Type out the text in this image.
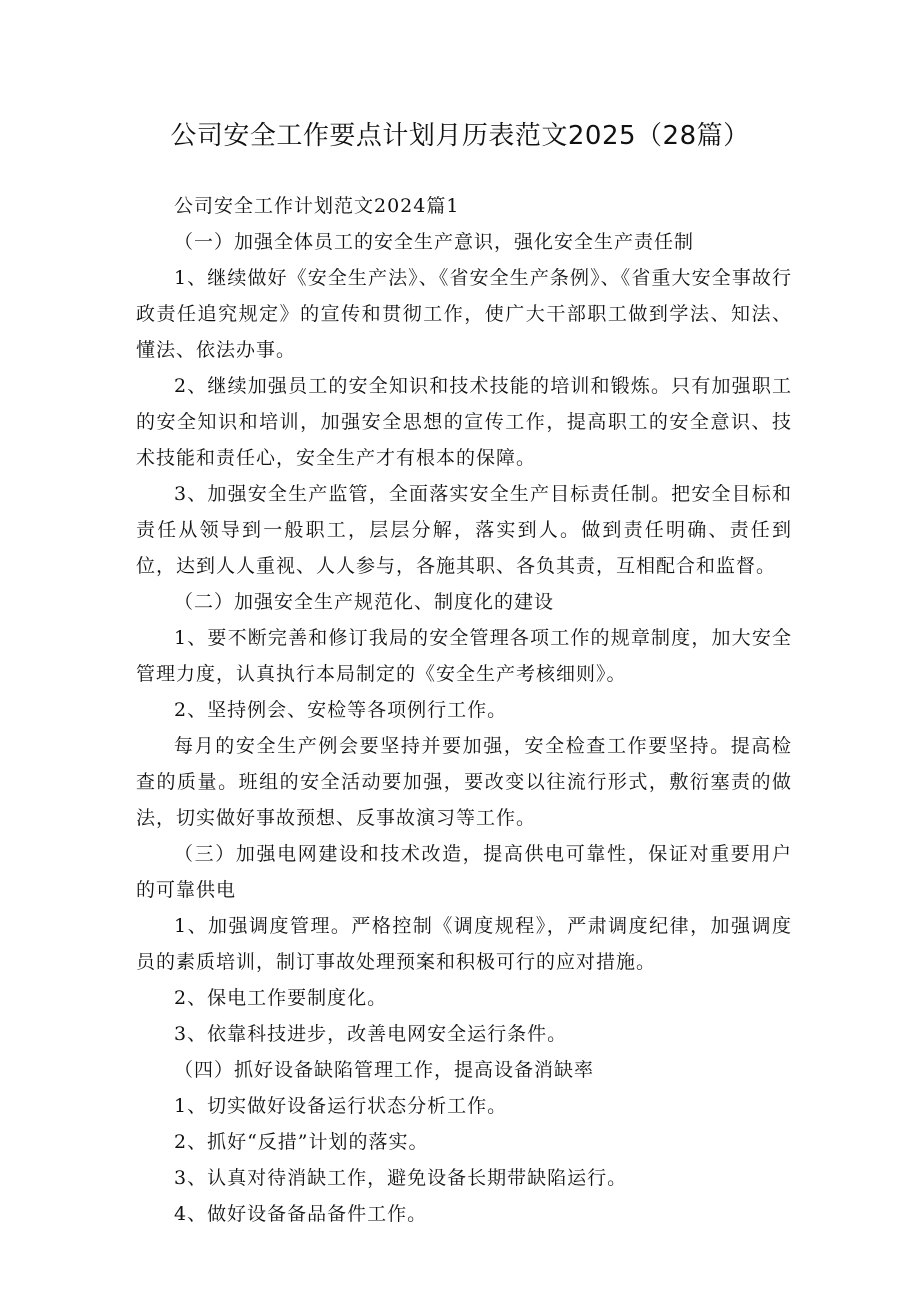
公司安全工作要点计划月历表范文2025（28篇）

公司安全工作计划范文2024篇1

（一）加强全体员工的安全生产意识，强化安全生产责任制

1、继续做好《安全生产法》、《省安全生产条例》、《省重大安全事故行政责任追究规定》的宣传和贯彻工作，使广大干部职工做到学法、知法、懂法、依法办事。

2、继续加强员工的安全知识和技术技能的培训和锻炼。只有加强职工的安全知识和培训，加强安全思想的宣传工作，提高职工的安全意识、技术技能和责任心，安全生产才有根本的保障。

3、加强安全生产监管，全面落实安全生产目标责任制。把安全目标和责任从领导到一般职工，层层分解，落实到人。做到责任明确、责任到位，达到人人重视、人人参与，各施其职、各负其责，互相配合和监督。

（二）加强安全生产规范化、制度化的建设

1、要不断完善和修订我局的安全管理各项工作的规章制度，加大安全管理力度，认真执行本局制定的《安全生产考核细则》。

2、坚持例会、安检等各项例行工作。

每月的安全生产例会要坚持并要加强，安全检查工作要坚持。提高检查的质量。班组的安全活动要加强，要改变以往流行形式，敷衍塞责的做法，切实做好事故预想、反事故演习等工作。

（三）加强电网建设和技术改造，提高供电可靠性，保证对重要用户的可靠供电

1、加强调度管理。严格控制《调度规程》，严肃调度纪律，加强调度员的素质培训，制订事故处理预案和积极可行的应对措施。

2、保电工作要制度化。

3、依靠科技进步，改善电网安全运行条件。

（四）抓好设备缺陷管理工作，提高设备消缺率

1、切实做好设备运行状态分析工作。

2、抓好“反措”计划的落实。

3、认真对待消缺工作，避免设备长期带缺陷运行。

4、做好设备备品备件工作。
